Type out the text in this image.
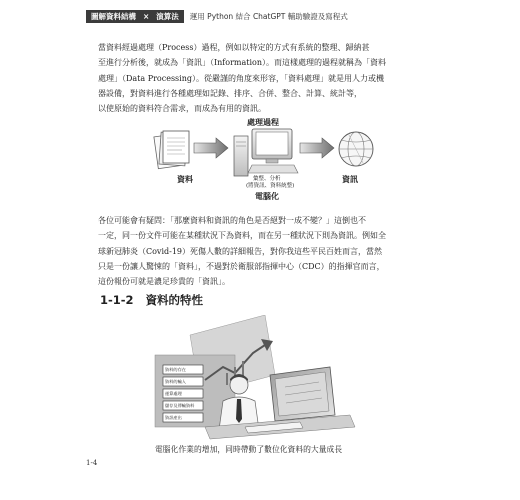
圖解資料結構 × 演算法	運用 Python 結合 ChatGPT 輔助驗證及寫程式
當資料經過處理（Process）過程，例如以特定的方式有系統的整理、歸納甚
至進行分析後，就成為「資訊」（Information）。而這樣處理的過程就稱為「資料
處理」（Data Processing）。從嚴謹的角度來形容，「資料處理」就是用人力或機
器設備，對資料進行各種處理如記錄、排序、合併、整合、計算、統計等，
以使原始的資料符合需求，而成為有用的資訊。
處理過程
資料	資訊
彙整、分析
(將資訊、資料統整)
電腦化
各位可能會有疑問：「那麼資料和資訊的角色是否絕對一成不變？」這倒也不
一定，同一份文件可能在某種狀況下為資料，而在另一種狀況下則為資訊。例如全
球新冠肺炎（Covid-19）死傷人數的詳細報告，對你我這些平民百姓而言，當然
只是一份讓人驚悚的「資料」，不過對於衛服部指揮中心（CDC）的指揮官而言，
這份報份可就是濃足珍貴的「資訊」。
1-1-2 資料的特性
資料的存在
資料的輸入
運算處理
儲存及傳輸資料
資訊產出
電腦化作業的增加，同時帶動了數位化資料的大量成長
1-4
